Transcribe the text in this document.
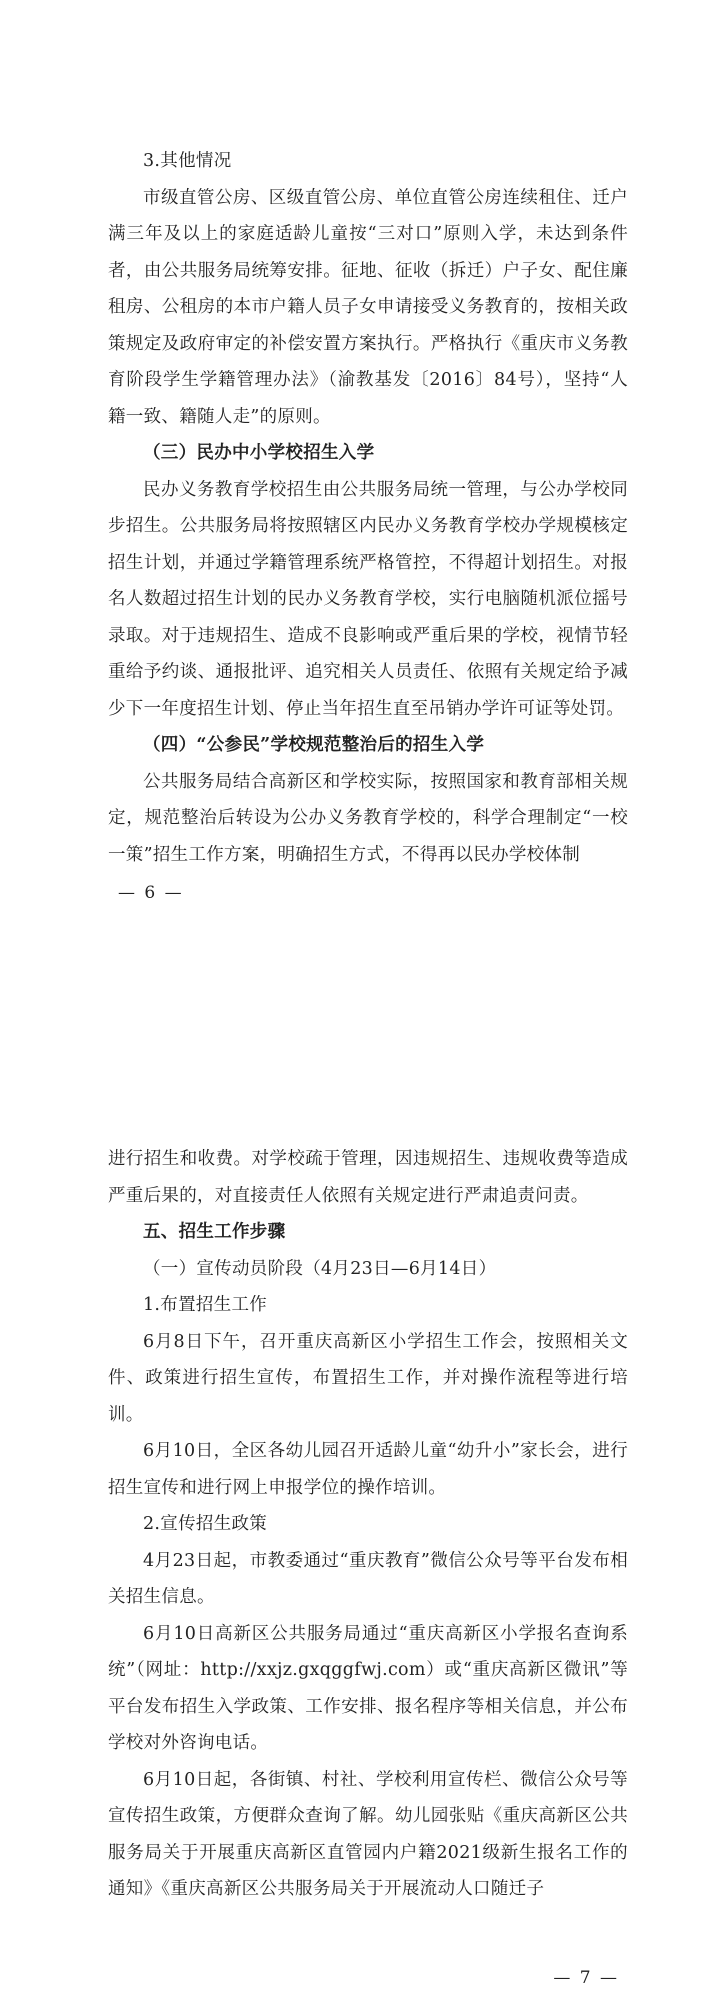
3.其他情况

市级直管公房、区级直管公房、单位直管公房连续租住、迁户满三年及以上的家庭适龄儿童按“三对口”原则入学，未达到条件者，由公共服务局统筹安排。征地、征收（拆迁）户子女、配住廉租房、公租房的本市户籍人员子女申请接受义务教育的，按相关政策规定及政府审定的补偿安置方案执行。严格执行《重庆市义务教育阶段学生学籍管理办法》（渝教基发〔2016〕84号），坚持“人籍一致、籍随人走”的原则。

（三）民办中小学校招生入学

民办义务教育学校招生由公共服务局统一管理，与公办学校同步招生。公共服务局将按照辖区内民办义务教育学校办学规模核定招生计划，并通过学籍管理系统严格管控，不得超计划招生。对报名人数超过招生计划的民办义务教育学校，实行电脑随机派位摇号录取。对于违规招生、造成不良影响或严重后果的学校，视情节轻重给予约谈、通报批评、追究相关人员责任、依照有关规定给予减少下一年度招生计划、停止当年招生直至吊销办学许可证等处罚。

（四）“公参民”学校规范整治后的招生入学

公共服务局结合高新区和学校实际，按照国家和教育部相关规定，规范整治后转设为公办义务教育学校的，科学合理制定“一校一策”招生工作方案，明确招生方式，不得再以民办学校体制

— 6 —

进行招生和收费。对学校疏于管理，因违规招生、违规收费等造成严重后果的，对直接责任人依照有关规定进行严肃追责问责。

五、招生工作步骤

（一）宣传动员阶段（4月23日—6月14日）

1.布置招生工作

6月8日下午，召开重庆高新区小学招生工作会，按照相关文件、政策进行招生宣传，布置招生工作，并对操作流程等进行培训。

6月10日，全区各幼儿园召开适龄儿童“幼升小”家长会，进行招生宣传和进行网上申报学位的操作培训。

2.宣传招生政策

4月23日起，市教委通过“重庆教育”微信公众号等平台发布相关招生信息。

6月10日高新区公共服务局通过“重庆高新区小学报名查询系统”（网址：http://xxjz.gxqggfwj.com）或“重庆高新区微讯”等平台发布招生入学政策、工作安排、报名程序等相关信息，并公布学校对外咨询电话。

6月10日起，各街镇、村社、学校利用宣传栏、微信公众号等宣传招生政策，方便群众查询了解。幼儿园张贴《重庆高新区公共服务局关于开展重庆高新区直管园内户籍2021级新生报名工作的通知》《重庆高新区公共服务局关于开展流动人口随迁子

— 7 —
